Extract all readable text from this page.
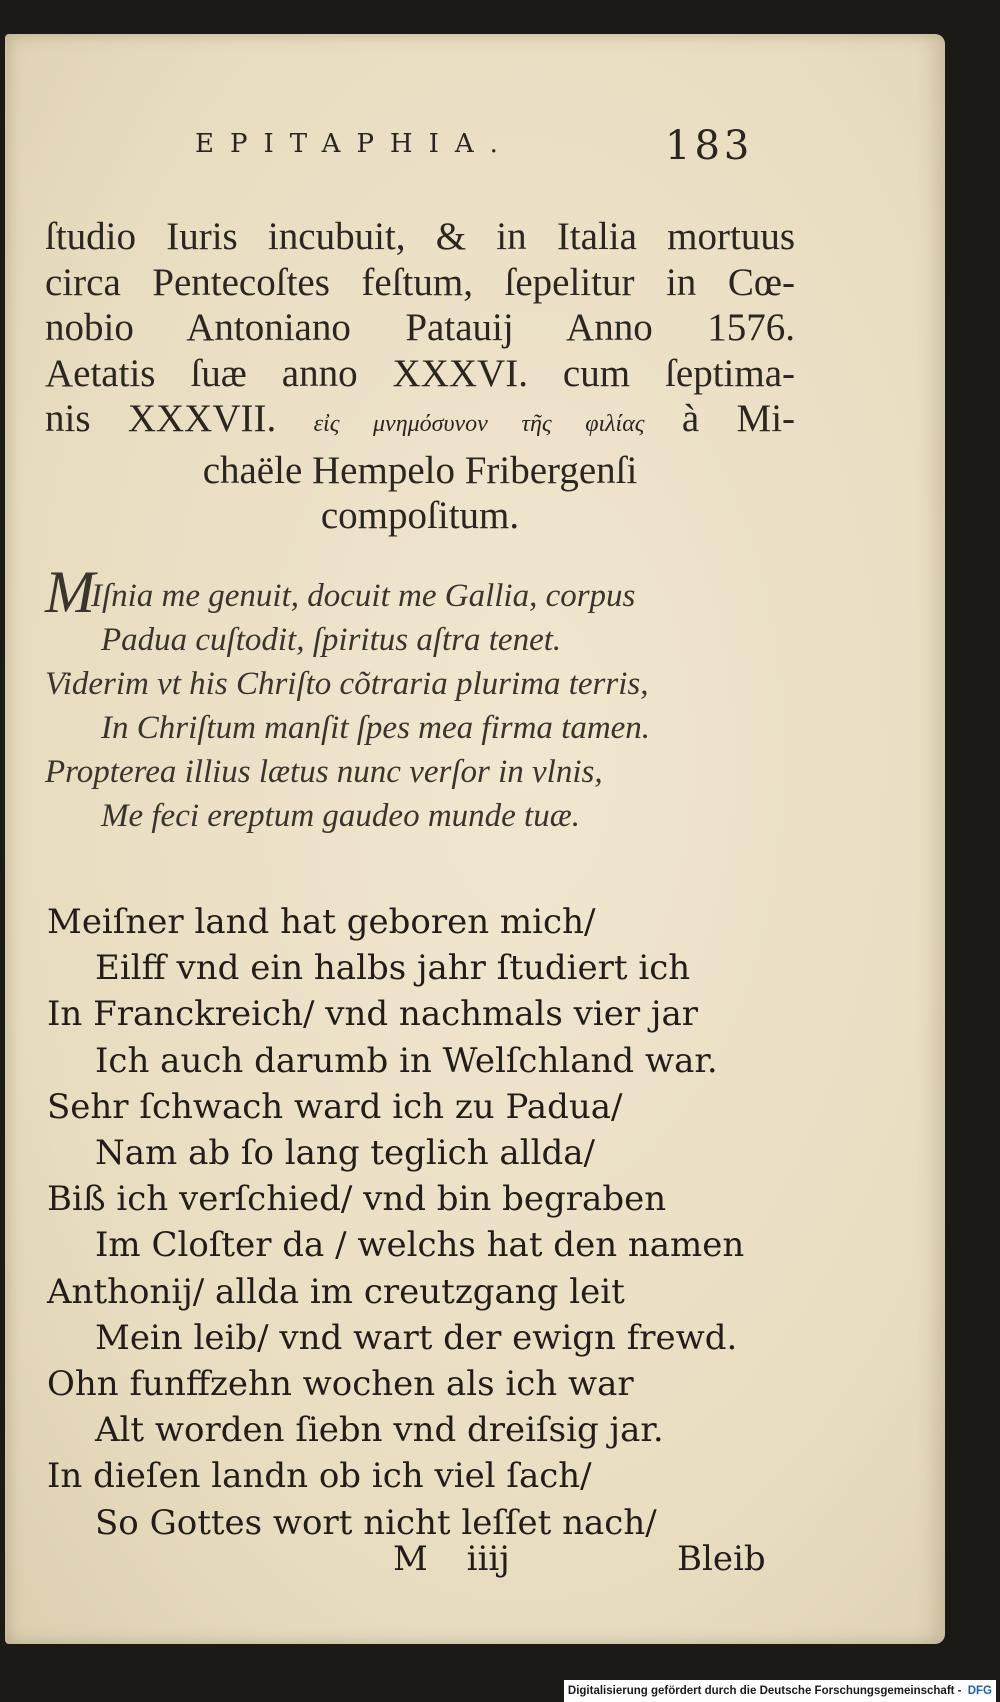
EPITAPHIA.	183
ſtudio Iuris incubuit, & in Italia mortuus
circa Pentecoſtes feſtum, ſepelitur in Cœ-
nobio Antoniano Patauij Anno 1576.
Aetatis ſuæ anno XXXVI. cum ſeptima-
nis XXXVII. εἰς μνημόσυνον τῆς φιλίας à Mi-
chaële Hempelo Fribergenſi
compoſitum.
MIſnia me genuit, docuit me Gallia, corpus
Padua cuſtodit, ſpiritus aſtra tenet.
Viderim vt his Chriſto cõtraria plurima terris,
In Chriſtum manſit ſpes mea firma tamen.
Propterea illius lætus nunc verſor in vlnis,
Me feci ereptum gaudeo munde tuæ.
Meiſner land hat geboren mich/
Eilff vnd ein halbs jahr ſtudiert ich
In Franckreich/ vnd nachmals vier jar
Ich auch darumb in Welſchland war.
Sehr ſchwach ward ich zu Padua/
Nam ab ſo lang teglich allda/
Biß ich verſchied/ vnd bin begraben
Im Cloſter da / welchs hat den namen
Anthonij/ allda im creutzgang leit
Mein leib/ vnd wart der ewign frewd.
Ohn funffzehn wochen als ich war
Alt worden ſiebn vnd dreiſsig jar.
In dieſen landn ob ich viel ſach/
So Gottes wort nicht leſſet nach/
M iiij	Bleib
Digitalisierung gefördert durch die Deutsche Forschungsgemeinschaft - DFG
